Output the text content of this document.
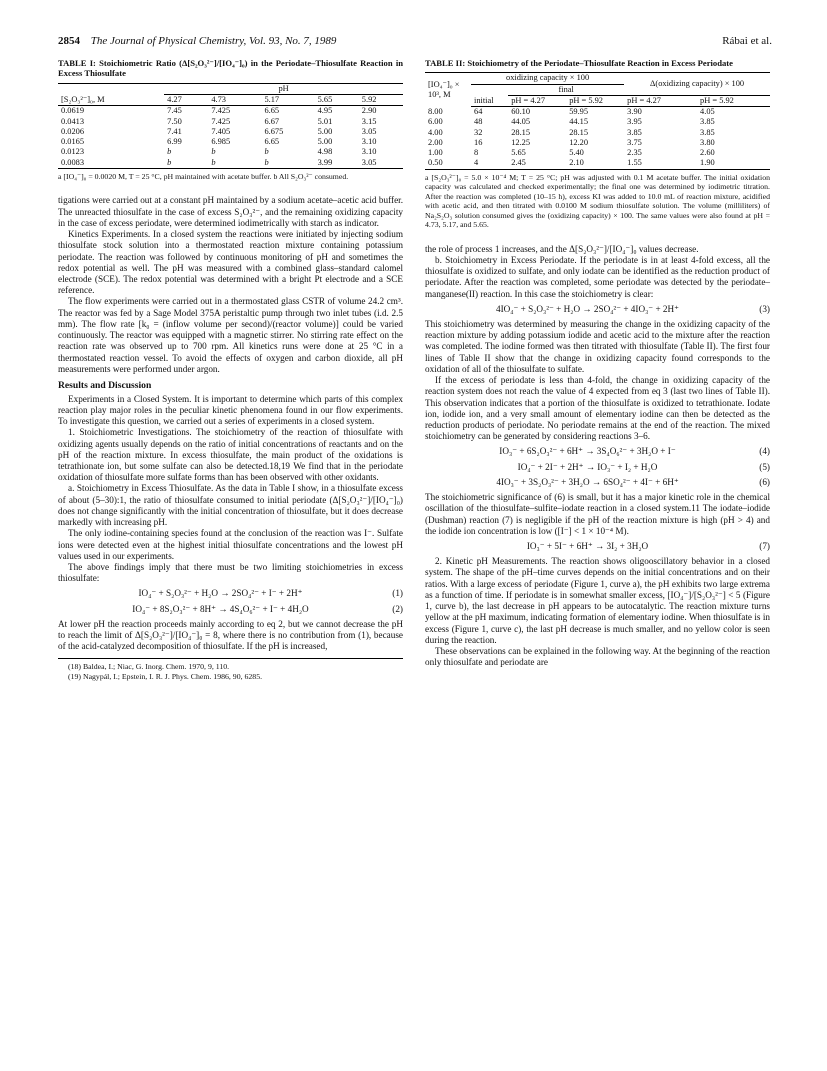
2854 The Journal of Physical Chemistry, Vol. 93, No. 7, 1989	Rábai et al.

TABLE I: Stoichiometric Ratio (Δ[S₂O₃²⁻]/[IO₄⁻]₀) in the Periodate–Thiosulfate Reaction in Excess Thiosulfate

	pH				
[S₂O₃²⁻]₀, M	4.27	4.73	5.17	5.65	5.92
0.0619	7.45	7.425	6.65	4.95	2.90
0.0413	7.50	7.425	6.67	5.01	3.15
0.0206	7.41	7.405	6.675	5.00	3.05
0.0165	6.99	6.985	6.65	5.00	3.10
0.0123	b	b	b	4.98	3.10
0.0083	b	b	b	3.99	3.05

a [IO₄⁻]₀ = 0.0020 M, T = 25 °C, pH maintained with acetate buffer. b All S₂O₃²⁻ consumed.

tigations were carried out at a constant pH maintained by a sodium acetate–acetic acid buffer. The unreacted thiosulfate in the case of excess S₂O₃²⁻, and the remaining oxidizing capacity in the case of excess periodate, were determined iodimetrically with starch as indicator.

Kinetics Experiments. In a closed system the reactions were initiated by injecting sodium thiosulfate stock solution into a thermostated reaction mixture containing potassium periodate. The reaction was followed by continuous monitoring of pH and sometimes the redox potential as well. The pH was measured with a combined glass–standard calomel electrode (SCE). The redox potential was determined with a bright Pt electrode and a SCE reference.

The flow experiments were carried out in a thermostated glass CSTR of volume 24.2 cm³. The reactor was fed by a Sage Model 375A peristaltic pump through two inlet tubes (i.d. 2.5 mm). The flow rate [k₀ = (inflow volume per second)/(reactor volume)] could be varied continuously. The reactor was equipped with a magnetic stirrer. No stirring rate effect on the reaction rate was observed up to 700 rpm. All kinetics runs were done at 25 °C in a thermostated reaction vessel. To avoid the effects of oxygen and carbon dioxide, all pH measurements were performed under argon.

Results and Discussion

Experiments in a Closed System. It is important to determine which parts of this complex reaction play major roles in the peculiar kinetic phenomena found in our flow experiments. To investigate this question, we carried out a series of experiments in a closed system.

1. Stoichiometric Investigations. The stoichiometry of the reaction of thiosulfate with oxidizing agents usually depends on the ratio of initial concentrations of reactants and on the pH of the reaction mixture. In excess thiosulfate, the main product of the oxidations is tetrathionate ion, but some sulfate can also be detected.18,19 We find that in the periodate oxidation of thiosulfate more sulfate forms than has been observed with other oxidants.

a. Stoichiometry in Excess Thiosulfate. As the data in Table I show, in a thiosulfate excess of about (5–30):1, the ratio of thiosulfate consumed to initial periodate (Δ[S₂O₃²⁻]/[IO₄⁻]₀) does not change significantly with the initial concentration of thiosulfate, but it does decrease markedly with increasing pH.

The only iodine-containing species found at the conclusion of the reaction was I⁻. Sulfate ions were detected even at the highest initial thiosulfate concentrations and the lowest pH values used in our experiments.

The above findings imply that there must be two limiting stoichiometries in excess thiosulfate:

IO₄⁻ + S₂O₃²⁻ + H₂O → 2SO₄²⁻ + I⁻ + 2H⁺	(1)
IO₄⁻ + 8S₂O₃²⁻ + 8H⁺ → 4S₄O₆²⁻ + I⁻ + 4H₂O	(2)

At lower pH the reaction proceeds mainly according to eq 2, but we cannot decrease the pH to reach the limit of Δ[S₂O₃²⁻]/[IO₄⁻]₀ = 8, where there is no contribution from (1), because of the acid-catalyzed decomposition of thiosulfate. If the pH is increased,

(18) Baldea, I.; Niac, G. Inorg. Chem. 1970, 9, 110.
(19) Nagypál, I.; Epstein, I. R. J. Phys. Chem. 1986, 90, 6285.

TABLE II: Stoichiometry of the Periodate–Thiosulfate Reaction in Excess Periodate

[IO₄⁻]₀ × 10³, M	oxidizing capacity × 100			Δ(oxidizing capacity) × 100	
		final			
	initial	pH = 4.27	pH = 5.92	pH = 4.27	pH = 5.92
8.00	64	60.10	59.95	3.90	4.05
6.00	48	44.05	44.15	3.95	3.85
4.00	32	28.15	28.15	3.85	3.85
2.00	16	12.25	12.20	3.75	3.80
1.00	8	5.65	5.40	2.35	2.60
0.50	4	2.45	2.10	1.55	1.90

a [S₂O₃²⁻]₀ = 5.0 × 10⁻⁴ M; T = 25 °C; pH was adjusted with 0.1 M acetate buffer. The initial oxidation capacity was calculated and checked experimentally; the final one was determined by iodimetric titration. After the reaction was completed (10–15 h), excess KI was added to 10.0 mL of reaction mixture, acidified with acetic acid, and then titrated with 0.0100 M sodium thiosulfate solution. The volume (milliliters) of Na₂S₂O₃ solution consumed gives the (oxidizing capacity) × 100. The same values were also found at pH = 4.73, 5.17, and 5.65.

the role of process 1 increases, and the Δ[S₂O₃²⁻]/[IO₄⁻]₀ values decrease.

b. Stoichiometry in Excess Periodate. If the periodate is in at least 4-fold excess, all the thiosulfate is oxidized to sulfate, and only iodate can be identified as the reduction product of periodate. After the reaction was completed, some periodate was detected by the periodate–manganese(II) reaction. In this case the stoichiometry is clear:

4IO₄⁻ + S₂O₃²⁻ + H₂O → 2SO₄²⁻ + 4IO₃⁻ + 2H⁺	(3)

This stoichiometry was determined by measuring the change in the oxidizing capacity of the reaction mixture by adding potassium iodide and acetic acid to the mixture after the reaction was completed. The iodine formed was then titrated with thiosulfate (Table II). The first four lines of Table II show that the change in oxidizing capacity found corresponds to the oxidation of all of the thiosulfate to sulfate.

If the excess of periodate is less than 4-fold, the change in oxidizing capacity of the reaction system does not reach the value of 4 expected from eq 3 (last two lines of Table II). This observation indicates that a portion of the thiosulfate is oxidized to tetrathionate. Iodate ion, iodide ion, and a very small amount of elementary iodine can then be detected as the reduction products of periodate. No periodate remains at the end of the reaction. The mixed stoichiometry can be generated by considering reactions 3–6.

IO₃⁻ + 6S₂O₃²⁻ + 6H⁺ → 3S₄O₆²⁻ + 3H₂O + I⁻	(4)
IO₄⁻ + 2I⁻ + 2H⁺ → IO₃⁻ + I₂ + H₂O	(5)
4IO₃⁻ + 3S₂O₃²⁻ + 3H₂O → 6SO₄²⁻ + 4I⁻ + 6H⁺	(6)

The stoichiometric significance of (6) is small, but it has a major kinetic role in the chemical oscillation of the thiosulfate–sulfite–iodate reaction in a closed system.11 The iodate–iodide (Dushman) reaction (7) is negligible if the pH of the reaction mixture is high (pH > 4) and the iodide ion concentration is low ([I⁻] < 1 × 10⁻⁴ M).

IO₃⁻ + 5I⁻ + 6H⁺ → 3I₂ + 3H₂O	(7)

2. Kinetic pH Measurements. The reaction shows oligooscillatory behavior in a closed system. The shape of the pH–time curves depends on the initial concentrations and on their ratios. With a large excess of periodate (Figure 1, curve a), the pH exhibits two large extrema as a function of time. If periodate is in somewhat smaller excess, [IO₄⁻]/[S₂O₃²⁻] < 5 (Figure 1, curve b), the last decrease in pH appears to be autocatalytic. The reaction mixture turns yellow at the pH maximum, indicating formation of elementary iodine. When thiosulfate is in excess (Figure 1, curve c), the last pH decrease is much smaller, and no yellow color is seen during the reaction.

These observations can be explained in the following way. At the beginning of the reaction only thiosulfate and periodate are
